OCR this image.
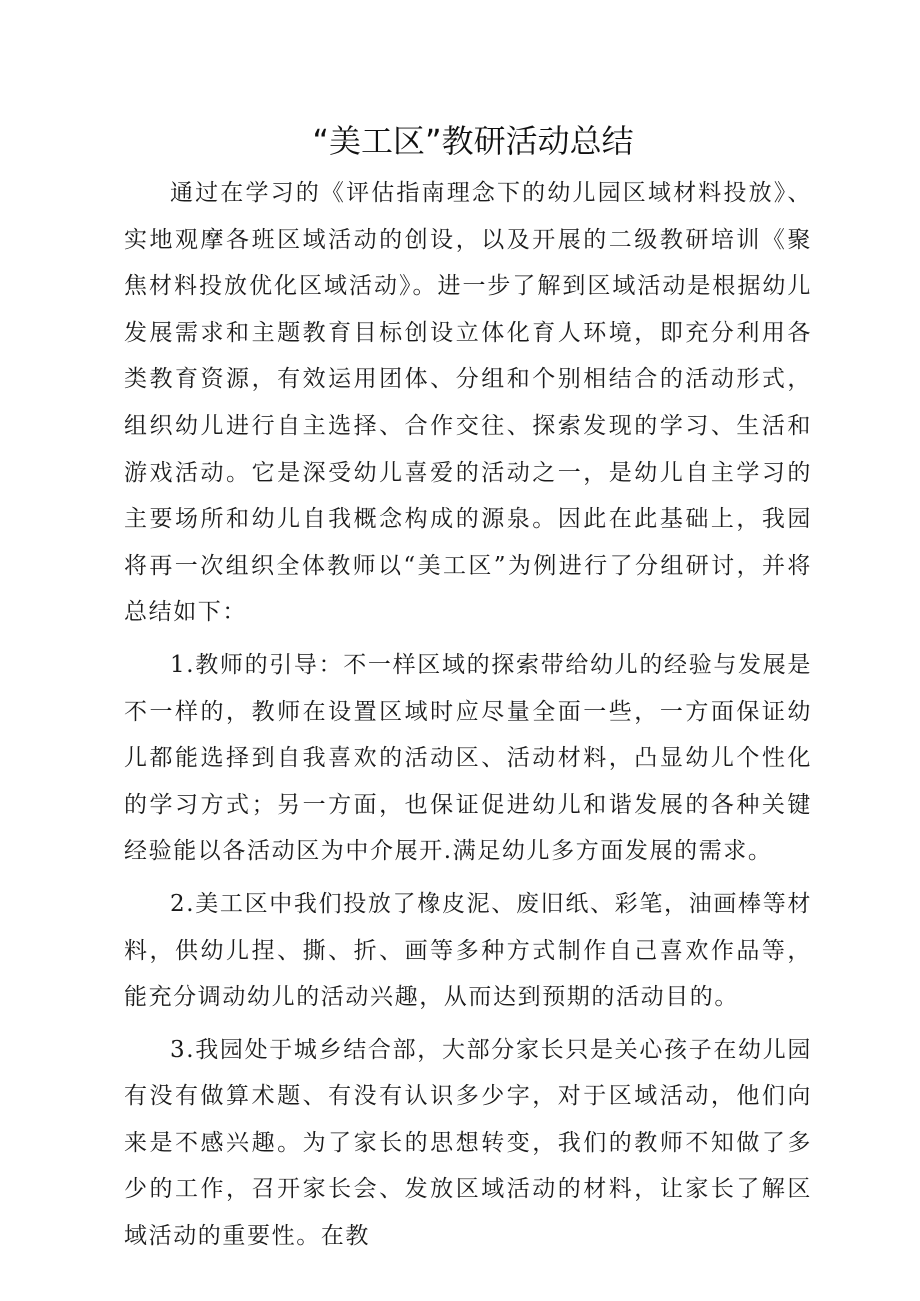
“美工区”教研活动总结

通过在学习的《评估指南理念下的幼儿园区域材料投放》、实地观摩各班区域活动的创设，以及开展的二级教研培训《聚焦材料投放优化区域活动》。进一步了解到区域活动是根据幼儿发展需求和主题教育目标创设立体化育人环境，即充分利用各类教育资源，有效运用团体、分组和个别相结合的活动形式，组织幼儿进行自主选择、合作交往、探索发现的学习、生活和游戏活动。它是深受幼儿喜爱的活动之一，是幼儿自主学习的主要场所和幼儿自我概念构成的源泉。因此在此基础上，我园将再一次组织全体教师以“美工区”为例进行了分组研讨，并将总结如下：

1.教师的引导：不一样区域的探索带给幼儿的经验与发展是不一样的，教师在设置区域时应尽量全面一些，一方面保证幼儿都能选择到自我喜欢的活动区、活动材料，凸显幼儿个性化的学习方式；另一方面，也保证促进幼儿和谐发展的各种关键经验能以各活动区为中介展开.满足幼儿多方面发展的需求。

2.美工区中我们投放了橡皮泥、废旧纸、彩笔，油画棒等材料，供幼儿捏、撕、折、画等多种方式制作自己喜欢作品等，能充分调动幼儿的活动兴趣，从而达到预期的活动目的。

3.我园处于城乡结合部，大部分家长只是关心孩子在幼儿园有没有做算术题、有没有认识多少字，对于区域活动，他们向来是不感兴趣。为了家长的思想转变，我们的教师不知做了多少的工作，召开家长会、发放区域活动的材料，让家长了解区域活动的重要性。在教
